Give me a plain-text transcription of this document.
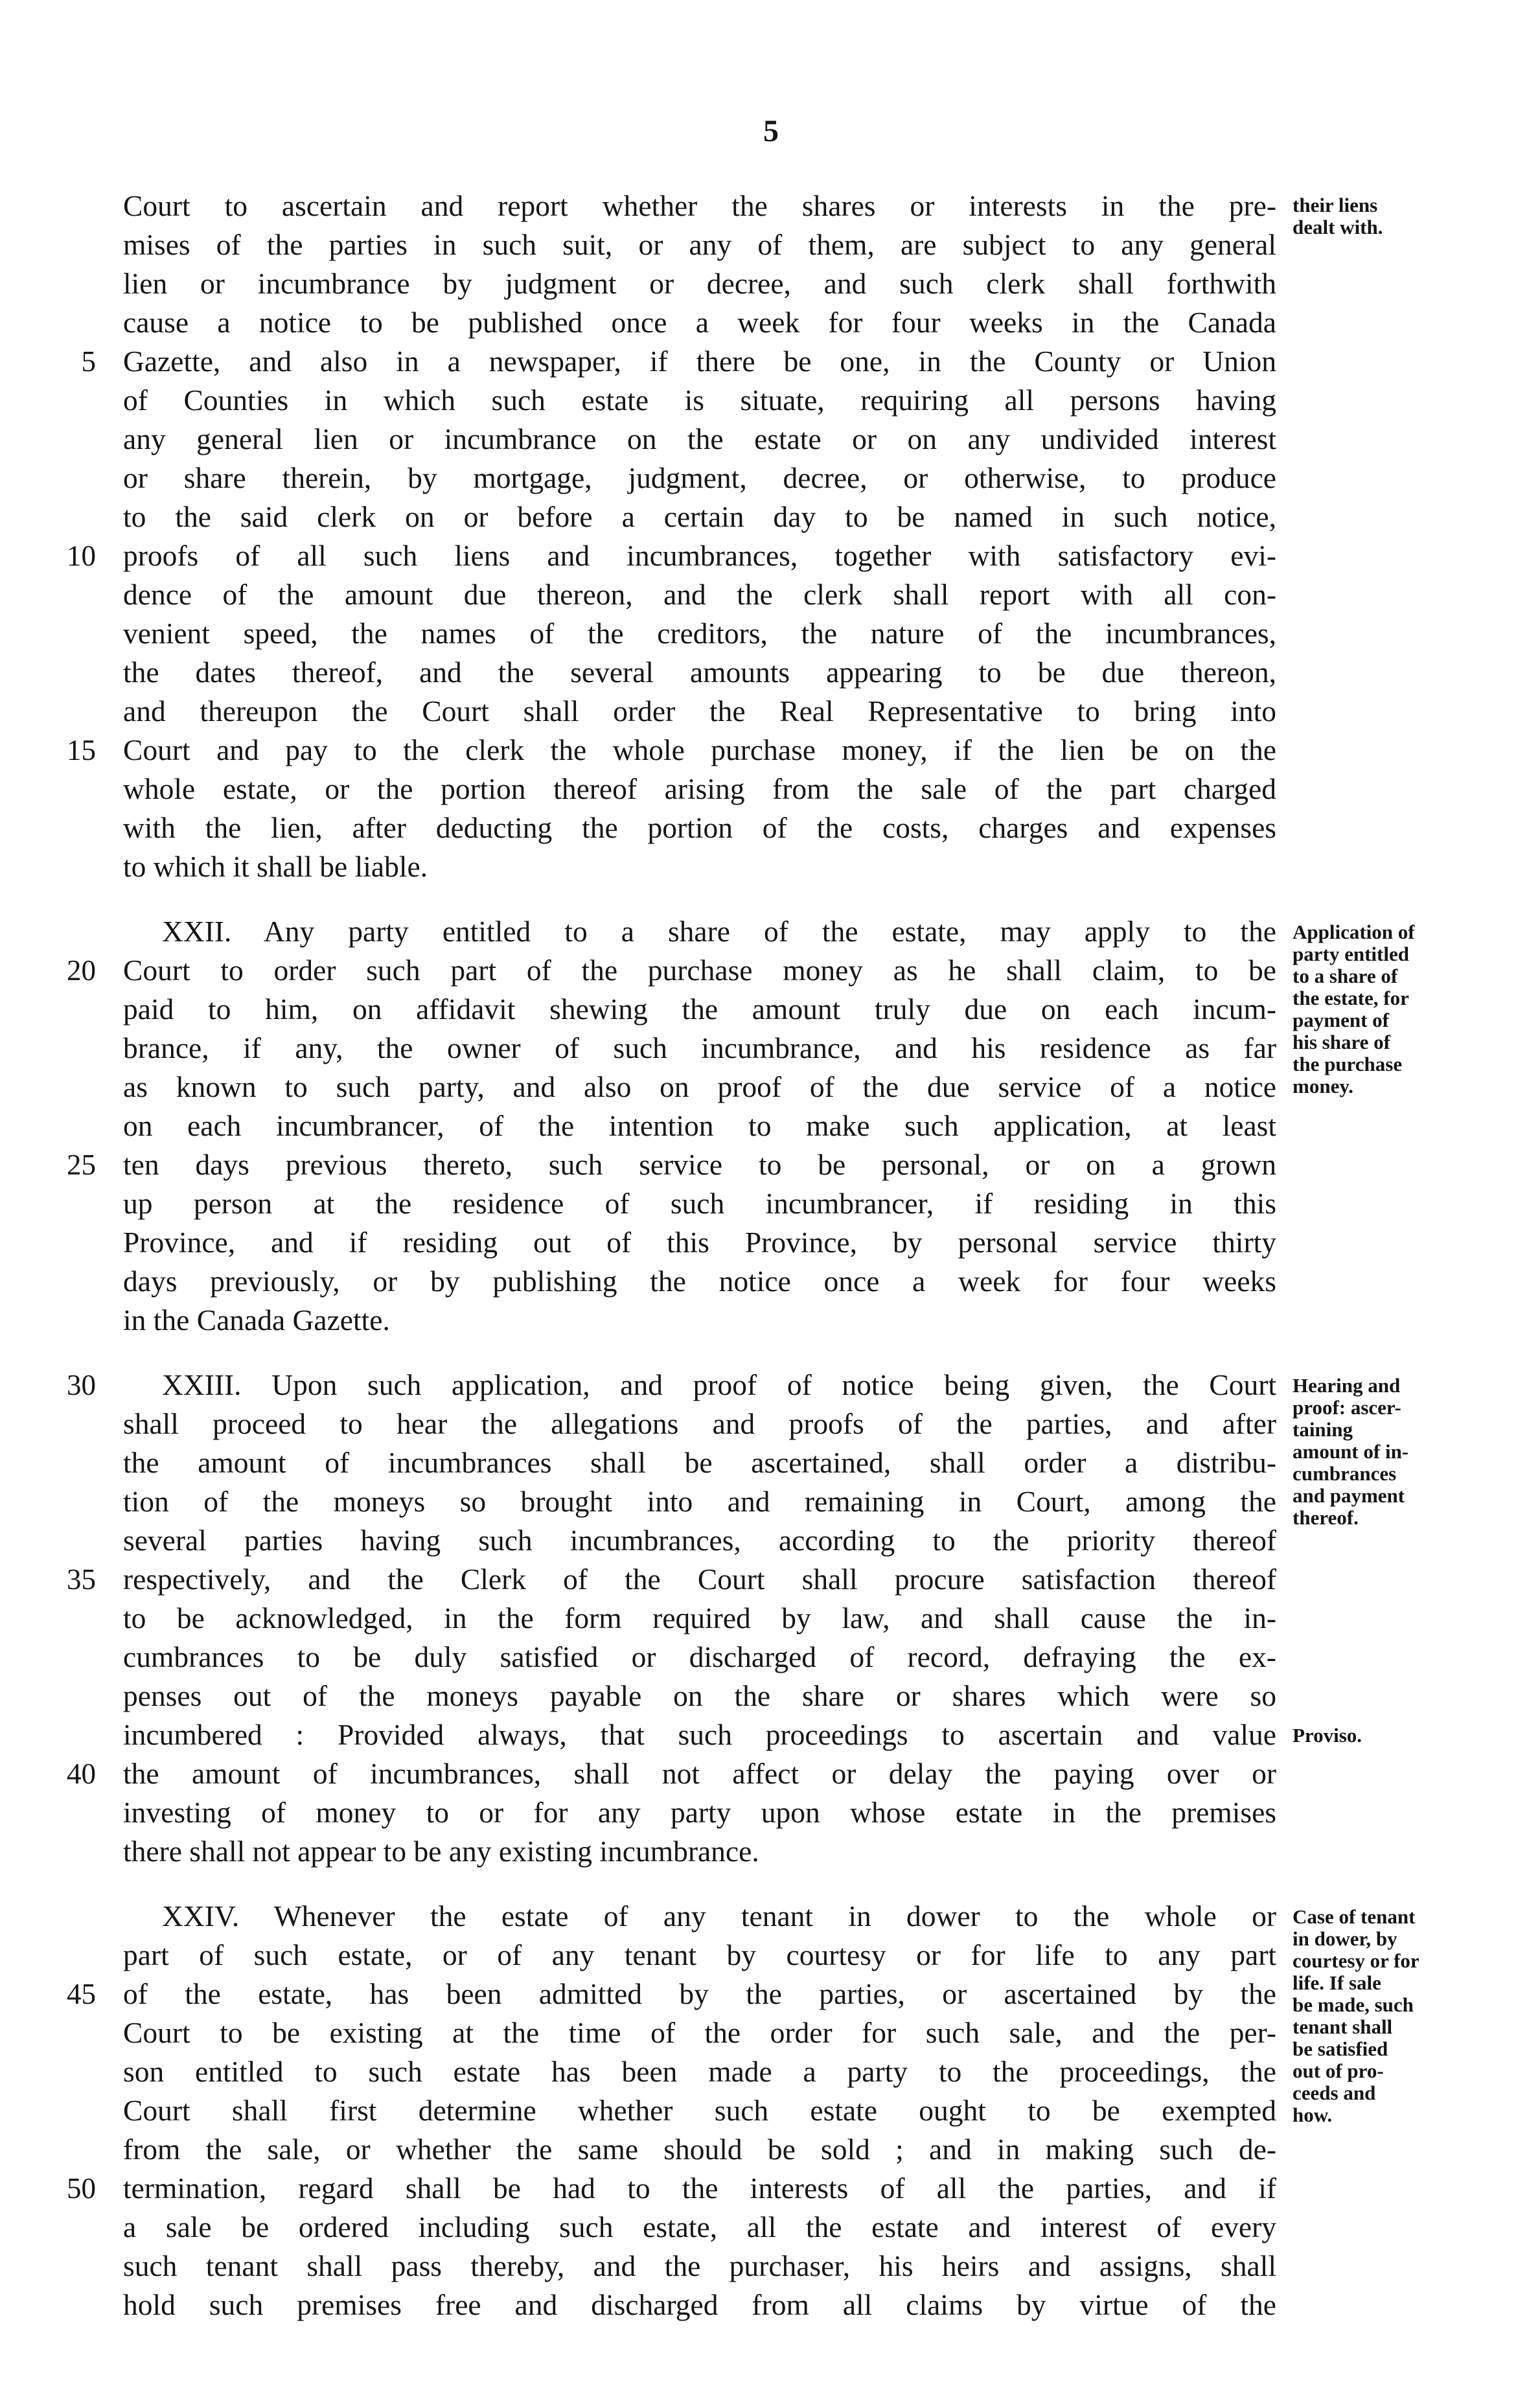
5
Court to ascertain and report whether the shares or interests in the pre-
mises of the parties in such suit, or any of them, are subject to any general
lien or incumbrance by judgment or decree, and such clerk shall forthwith
cause a notice to be published once a week for four weeks in the Canada
Gazette, and also in a newspaper, if there be one, in the County or Union
of Counties in which such estate is situate, requiring all persons having
any general lien or incumbrance on the estate or on any undivided interest
or share therein, by mortgage, judgment, decree, or otherwise, to produce
to the said clerk on or before a certain day to be named in such notice,
proofs of all such liens and incumbrances, together with satisfactory evi-
dence of the amount due thereon, and the clerk shall report with all con-
venient speed, the names of the creditors, the nature of the incumbrances,
the dates thereof, and the several amounts appearing to be due thereon,
and thereupon the Court shall order the Real Representative to bring into
Court and pay to the clerk the whole purchase money, if the lien be on the
whole estate, or the portion thereof arising from the sale of the part charged
with the lien, after deducting the portion of the costs, charges and expenses
to which it shall be liable.
XXII. Any party entitled to a share of the estate, may apply to the
Court to order such part of the purchase money as he shall claim, to be
paid to him, on affidavit shewing the amount truly due on each incum-
brance, if any, the owner of such incumbrance, and his residence as far
as known to such party, and also on proof of the due service of a notice
on each incumbrancer, of the intention to make such application, at least
ten days previous thereto, such service to be personal, or on a grown
up person at the residence of such incumbrancer, if residing in this
Province, and if residing out of this Province, by personal service thirty
days previously, or by publishing the notice once a week for four weeks
in the Canada Gazette.
XXIII. Upon such application, and proof of notice being given, the Court
shall proceed to hear the allegations and proofs of the parties, and after
the amount of incumbrances shall be ascertained, shall order a distribu-
tion of the moneys so brought into and remaining in Court, among the
several parties having such incumbrances, according to the priority thereof
respectively, and the Clerk of the Court shall procure satisfaction thereof
to be acknowledged, in the form required by law, and shall cause the in-
cumbrances to be duly satisfied or discharged of record, defraying the ex-
penses out of the moneys payable on the share or shares which were so
incumbered : Provided always, that such proceedings to ascertain and value
the amount of incumbrances, shall not affect or delay the paying over or
investing of money to or for any party upon whose estate in the premises
there shall not appear to be any existing incumbrance.
XXIV. Whenever the estate of any tenant in dower to the whole or
part of such estate, or of any tenant by courtesy or for life to any part
of the estate, has been admitted by the parties, or ascertained by the
Court to be existing at the time of the order for such sale, and the per-
son entitled to such estate has been made a party to the proceedings, the
Court shall first determine whether such estate ought to be exempted
from the sale, or whether the same should be sold ; and in making such de-
termination, regard shall be had to the interests of all the parties, and if
a sale be ordered including such estate, all the estate and interest of every
such tenant shall pass thereby, and the purchaser, his heirs and assigns, shall
hold such premises free and discharged from all claims by virtue of the
5
10
15
20
25
30
35
40
45
50
their liens
dealt with.
Application of
party entitled
to a share of
the estate, for
payment of
his share of
the purchase
money.
Hearing and
proof: ascer-
taining
amount of in-
cumbrances
and payment
thereof.
Proviso.
Case of tenant
in dower, by
courtesy or for
life. If sale
be made, such
tenant shall
be satisfied
out of pro-
ceeds and
how.
